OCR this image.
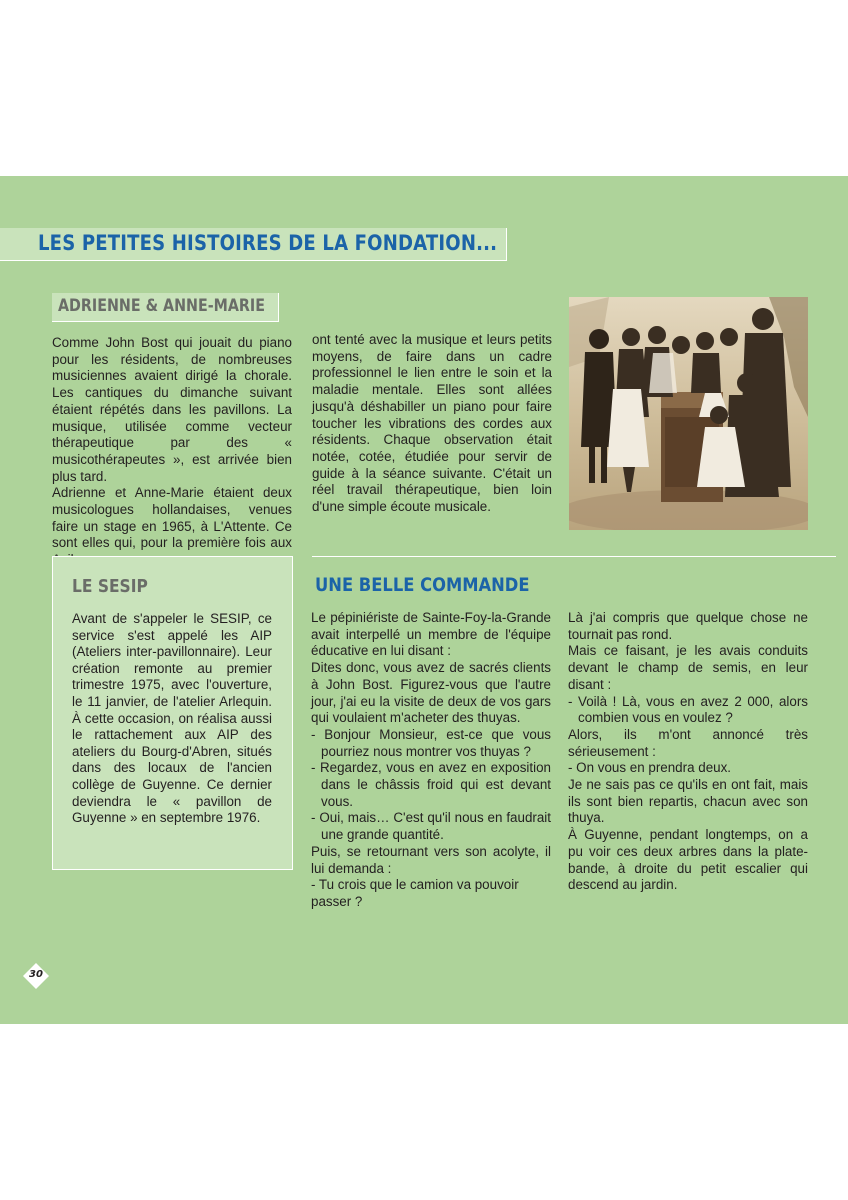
LES PETITES HISTOIRES DE LA FONDATION...
ADRIENNE & ANNE-MARIE

Comme John Bost qui jouait du piano pour les résidents, de nombreuses musiciennes avaient dirigé la chorale. Les cantiques du dimanche suivant étaient répétés dans les pavillons. La musique, utilisée comme vecteur thérapeutique par des « musicothérapeutes », est arrivée bien plus tard.

Adrienne et Anne-Marie étaient deux musicologues hollandaises, venues faire un stage en 1965, à L'Attente. Ce sont elles qui, pour la première fois aux

ont tenté avec la musique et leurs petits moyens, de faire dans un cadre professionnel le lien entre le soin et la maladie mentale. Elles sont allées jusqu'à déshabiller un piano pour faire toucher les vibrations des cordes aux résidents. Chaque observation était notée, cotée, étudiée pour servir de guide à la séance suivante. C'était un réel travail thérapeutique, bien loin d'une simple écoute musicale.

LE SESIP
Avant de s'appeler le SESIP, ce service s'est appelé les AIP (Ateliers inter-pavillonnaire). Leur création remonte au premier trimestre 1975, avec l'ouverture, le 11 janvier, de l'atelier Arlequin. À cette occasion, on réalisa aussi le rattachement aux AIP des ateliers du Bourg-d'Abren, situés dans des locaux de l'ancien collège de Guyenne. Ce dernier deviendra le « pavillon de Guyenne » en septembre 1976.
UNE BELLE COMMANDE

Le pépiniériste de Sainte-Foy-la-Grande avait interpellé un membre de l'équipe éducative en lui disant :

Dites donc, vous avez de sacrés clients à John Bost. Figurez-vous que l'autre jour, j'ai eu la visite de deux de vos gars qui voulaient m'acheter des thuyas.

- Bonjour Monsieur, est-ce que vous pourriez nous montrer vos thuyas ?

- Regardez, vous en avez en exposition dans le châssis froid qui est devant vous.

- Oui, mais… C'est qu'il nous en faudrait une grande quantité.

Puis, se retournant vers son acolyte, il lui demanda :

- Tu crois que le camion va pouvoir passer ?

Là j'ai compris que quelque chose ne tournait pas rond.

Mais ce faisant, je les avais conduits devant le champ de semis, en leur disant :

- Voilà ! Là, vous en avez 2 000, alors combien vous en voulez ?

Alors, ils m'ont annoncé très sérieusement :

- On vous en prendra deux.

Je ne sais pas ce qu'ils en ont fait, mais ils sont bien repartis, chacun avec son thuya.

À Guyenne, pendant longtemps, on a pu voir ces deux arbres dans la plate-bande, à droite du petit escalier qui descend au jardin.

30
